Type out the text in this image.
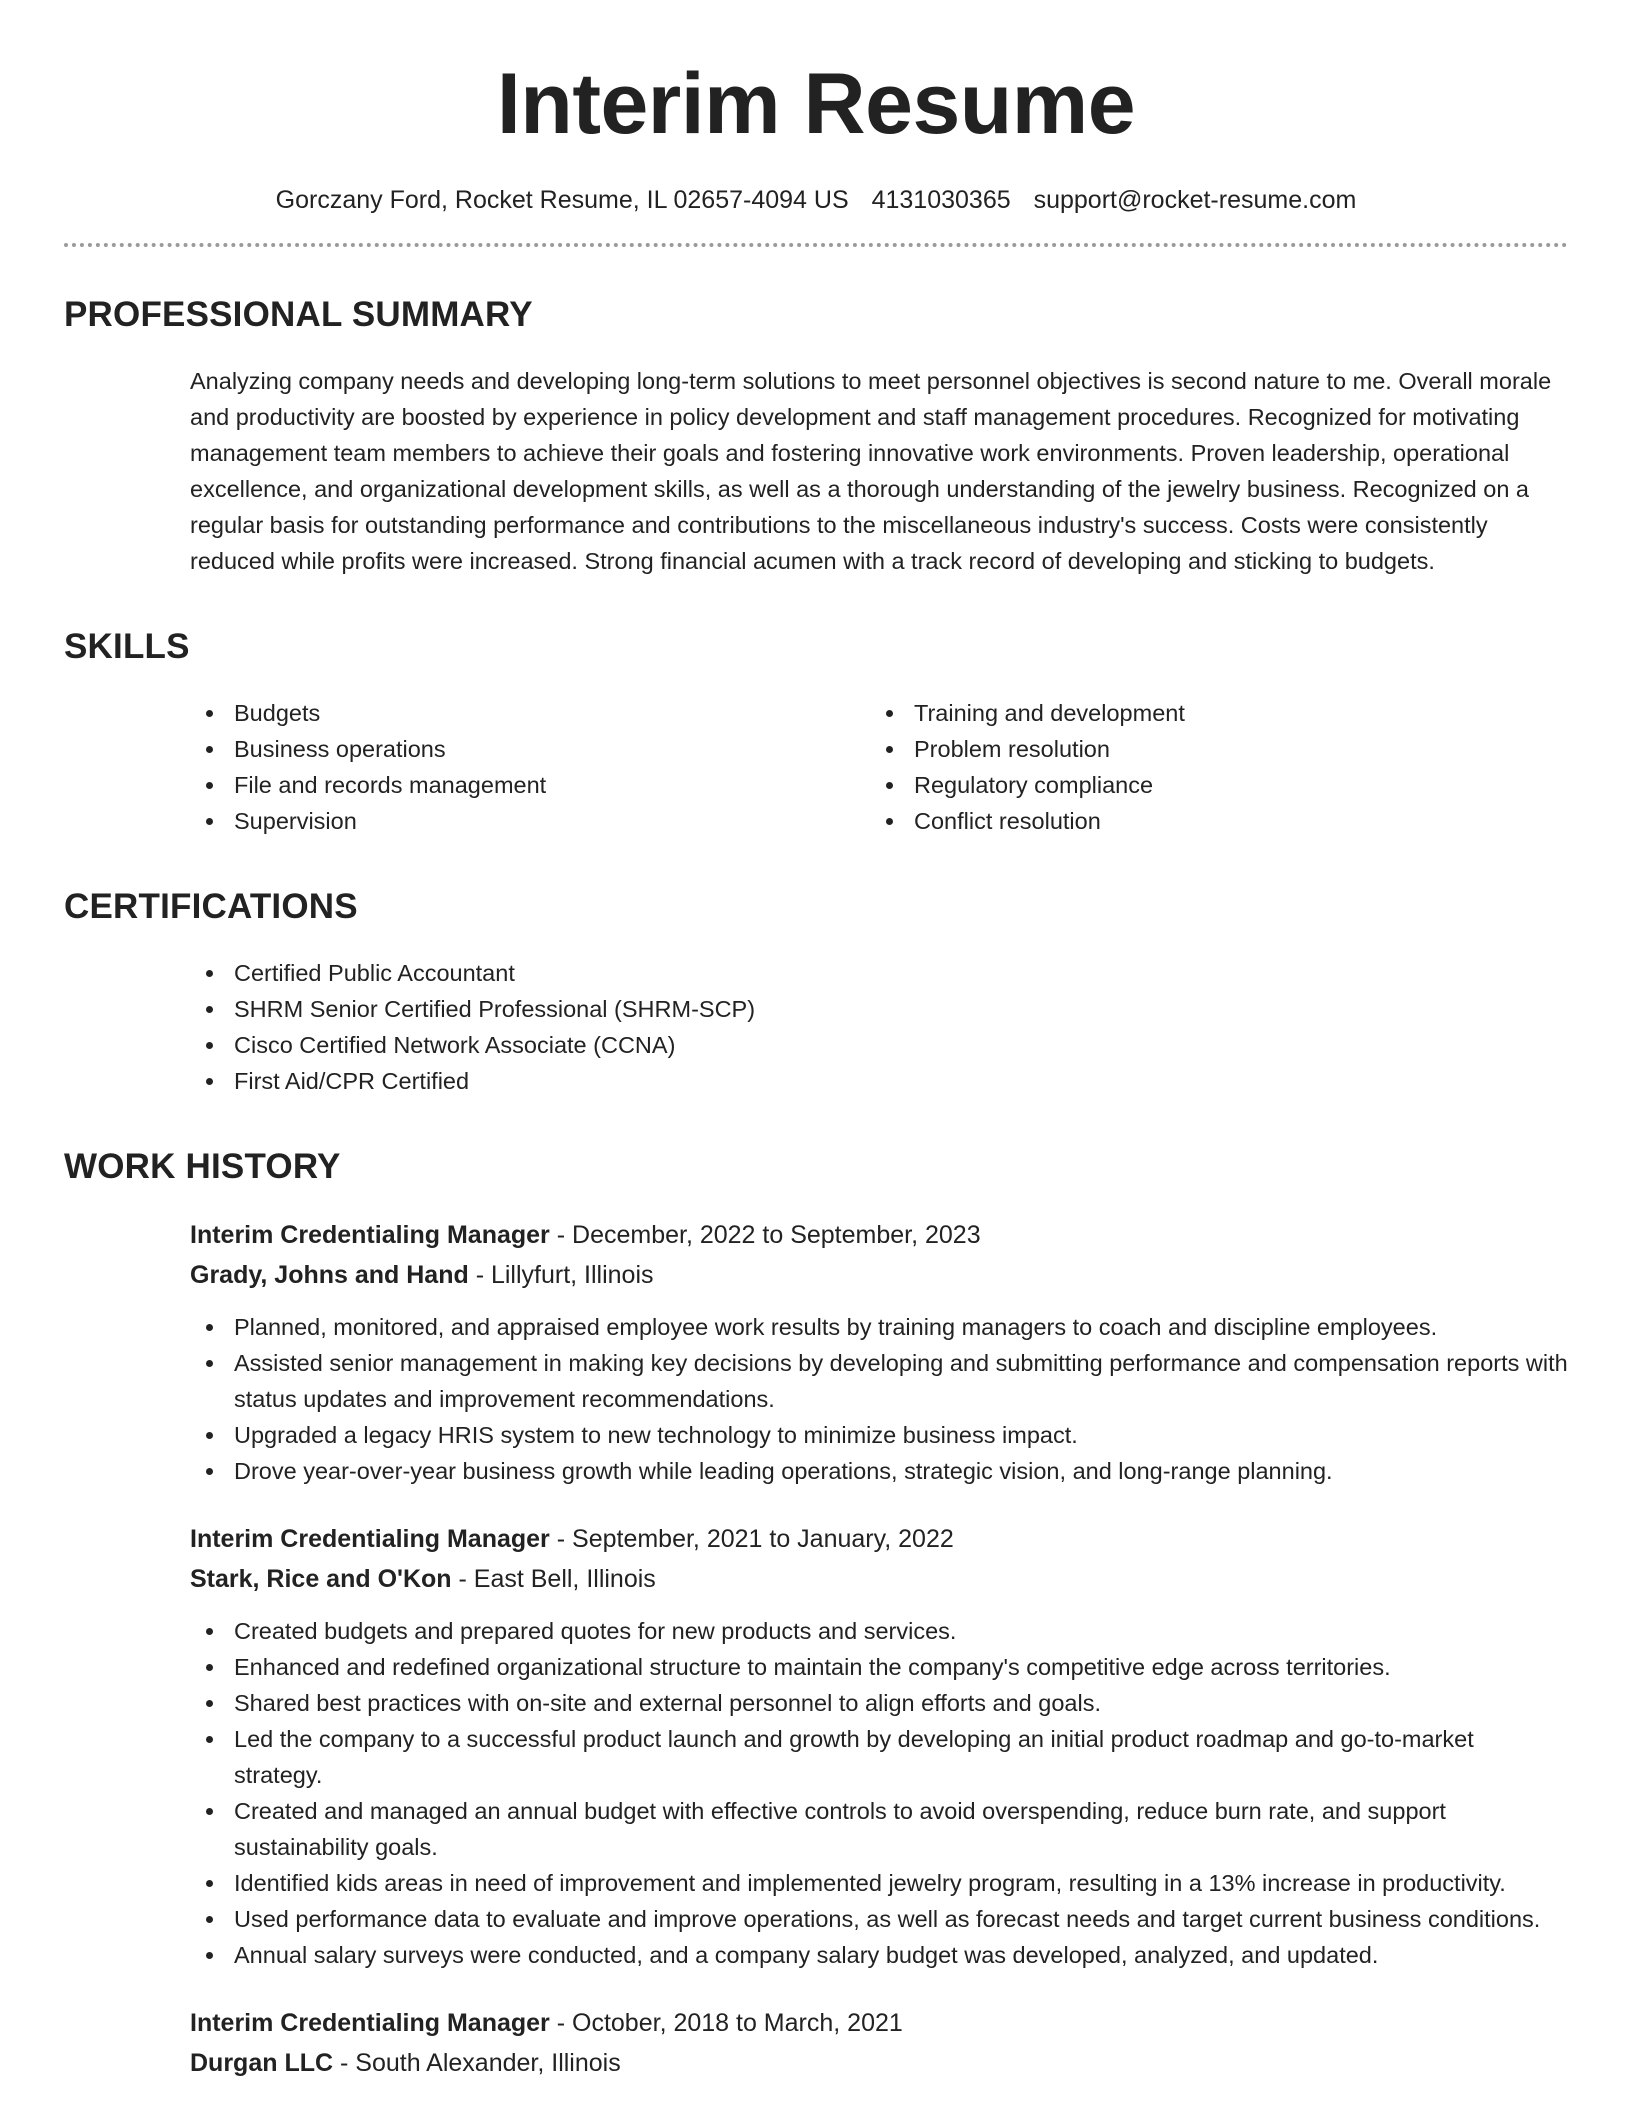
Interim Resume
Gorczany Ford, Rocket Resume, IL 02657-4094 US 4131030365 support@rocket-resume.com
PROFESSIONAL SUMMARY

Analyzing company needs and developing long-term solutions to meet personnel objectives is second nature to me. Overall morale and productivity are boosted by experience in policy development and staff management procedures. Recognized for motivating management team members to achieve their goals and fostering innovative work environments. Proven leadership, operational excellence, and organizational development skills, as well as a thorough understanding of the jewelry business. Recognized on a regular basis for outstanding performance and contributions to the miscellaneous industry's success. Costs were consistently reduced while profits were increased. Strong financial acumen with a track record of developing and sticking to budgets.

SKILLS
Budgets
Business operations
File and records management
Supervision
Training and development
Problem resolution
Regulatory compliance
Conflict resolution
CERTIFICATIONS
Certified Public Accountant
SHRM Senior Certified Professional (SHRM-SCP)
Cisco Certified Network Associate (CCNA)
First Aid/CPR Certified
WORK HISTORY
Interim Credentialing Manager - December, 2022 to September, 2023
Grady, Johns and Hand - Lillyfurt, Illinois
Planned, monitored, and appraised employee work results by training managers to coach and discipline employees.
Assisted senior management in making key decisions by developing and submitting performance and compensation reports with status updates and improvement recommendations.
Upgraded a legacy HRIS system to new technology to minimize business impact.
Drove year-over-year business growth while leading operations, strategic vision, and long-range planning.
Interim Credentialing Manager - September, 2021 to January, 2022
Stark, Rice and O'Kon - East Bell, Illinois
Created budgets and prepared quotes for new products and services.
Enhanced and redefined organizational structure to maintain the company's competitive edge across territories.
Shared best practices with on-site and external personnel to align efforts and goals.
Led the company to a successful product launch and growth by developing an initial product roadmap and go-to-market strategy.
Created and managed an annual budget with effective controls to avoid overspending, reduce burn rate, and support sustainability goals.
Identified kids areas in need of improvement and implemented jewelry program, resulting in a 13% increase in productivity.
Used performance data to evaluate and improve operations, as well as forecast needs and target current business conditions.
Annual salary surveys were conducted, and a company salary budget was developed, analyzed, and updated.
Interim Credentialing Manager - October, 2018 to March, 2021
Durgan LLC - South Alexander, Illinois
